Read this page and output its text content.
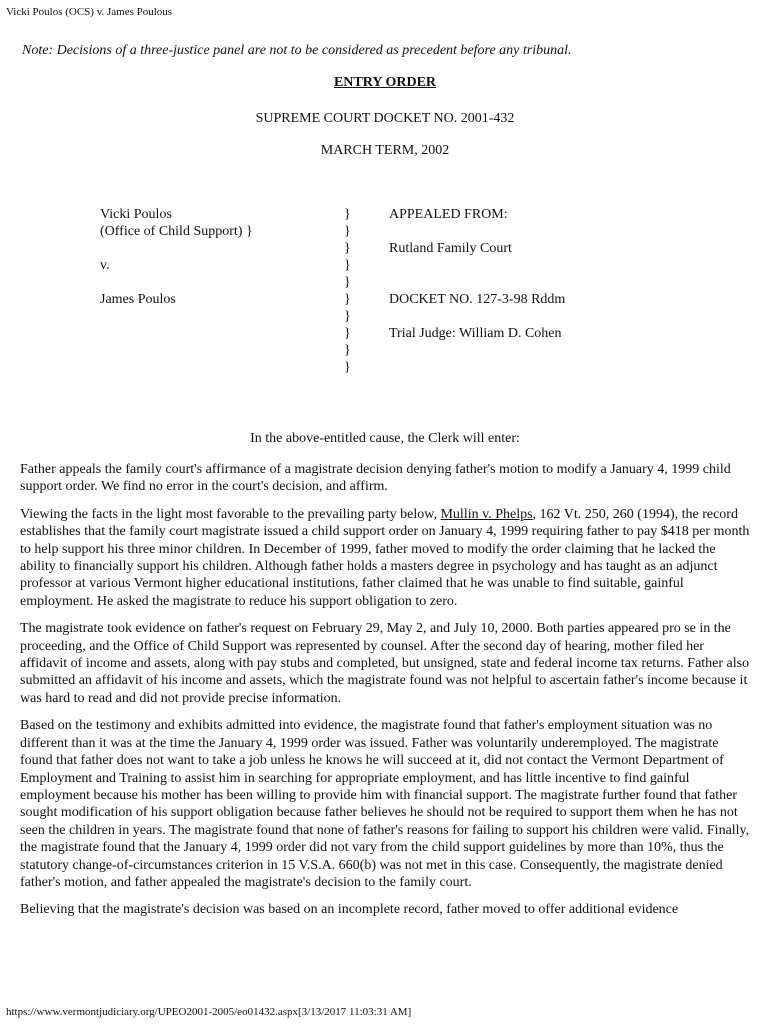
Vicki Poulos (OCS) v. James Poulous
Note: Decisions of a three-justice panel are not to be considered as precedent before any tribunal.
ENTRY ORDER
SUPREME COURT DOCKET NO. 2001-432
MARCH TERM, 2002
Vicki Poulos
(Office of Child Support) }
v.
James Poulos
}
}
}
}
}
}
}
}
}
}
APPEALED FROM:
Rutland Family Court
DOCKET NO. 127-3-98 Rddm
Trial Judge: William D. Cohen
In the above-entitled cause, the Clerk will enter:

Father appeals the family court's affirmance of a magistrate decision denying father's motion to modify a January 4, 1999 child support order. We find no error in the court's decision, and affirm.

Viewing the facts in the light most favorable to the prevailing party below, Mullin v. Phelps, 162 Vt. 250, 260 (1994), the record establishes that the family court magistrate issued a child support order on January 4, 1999 requiring father to pay $418 per month to help support his three minor children. In December of 1999, father moved to modify the order claiming that he lacked the ability to financially support his children. Although father holds a masters degree in psychology and has taught as an adjunct professor at various Vermont higher educational institutions, father claimed that he was unable to find suitable, gainful employment. He asked the magistrate to reduce his support obligation to zero.

The magistrate took evidence on father's request on February 29, May 2, and July 10, 2000. Both parties appeared pro se in the proceeding, and the Office of Child Support was represented by counsel. After the second day of hearing, mother filed her affidavit of income and assets, along with pay stubs and completed, but unsigned, state and federal income tax returns. Father also submitted an affidavit of his income and assets, which the magistrate found was not helpful to ascertain father's income because it was hard to read and did not provide precise information.

Based on the testimony and exhibits admitted into evidence, the magistrate found that father's employment situation was no different than it was at the time the January 4, 1999 order was issued. Father was voluntarily underemployed. The magistrate found that father does not want to take a job unless he knows he will succeed at it, did not contact the Vermont Department of Employment and Training to assist him in searching for appropriate employment, and has little incentive to find gainful employment because his mother has been willing to provide him with financial support. The magistrate further found that father sought modification of his support obligation because father believes he should not be required to support them when he has not seen the children in years. The magistrate found that none of father's reasons for failing to support his children were valid. Finally, the magistrate found that the January 4, 1999 order did not vary from the child support guidelines by more than 10%, thus the statutory change-of-circumstances criterion in 15 V.S.A. 660(b) was not met in this case. Consequently, the magistrate denied father's motion, and father appealed the magistrate's decision to the family court.

Believing that the magistrate's decision was based on an incomplete record, father moved to offer additional evidence

https://www.vermontjudiciary.org/UPEO2001-2005/eo01432.aspx[3/13/2017 11:03:31 AM]
